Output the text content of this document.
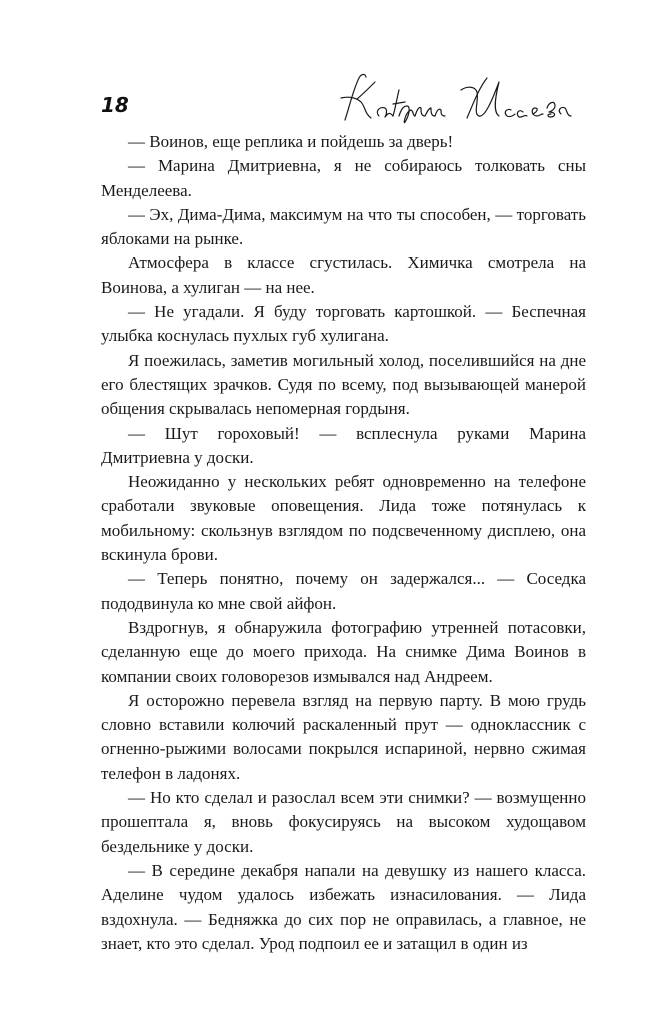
18

— Воинов, еще реплика и пойдешь за дверь!

— Марина Дмитриевна, я не собираюсь толковать сны Менделеева.

— Эх, Дима-Дима, максимум на что ты способен, — торговать яблоками на рынке.

Атмосфера в классе сгустилась. Химичка смотрела на Воинова, а хулиган — на нее.

— Не угадали. Я буду торговать картошкой. — Беспечная улыбка коснулась пухлых губ хулигана.

Я поежилась, заметив могильный холод, поселившийся на дне его блестящих зрачков. Судя по всему, под вызывающей манерой общения скрывалась непомерная гордыня.

— Шут гороховый! — всплеснула руками Марина Дмитриевна у доски.

Неожиданно у нескольких ребят одновременно на телефоне сработали звуковые оповещения. Лида тоже потянулась к мобильному: скользнув взглядом по подсвеченному дисплею, она вскинула брови.

— Теперь понятно, почему он задержался... — Соседка пододвинула ко мне свой айфон.

Вздрогнув, я обнаружила фотографию утренней потасовки, сделанную еще до моего прихода. На снимке Дима Воинов в компании своих головорезов измывался над Андреем.

Я осторожно перевела взгляд на первую парту. В мою грудь словно вставили колючий раскаленный прут — одноклассник с огненно-рыжими волосами покрылся испариной, нервно сжимая телефон в ладонях.

— Но кто сделал и разослал всем эти снимки? — возмущенно прошептала я, вновь фокусируясь на высоком худощавом бездельнике у доски.

— В середине декабря напали на девушку из нашего класса. Аделине чудом удалось избежать изнасилования. — Лида вздохнула. — Бедняжка до сих пор не оправилась, а главное, не знает, кто это сделал. Урод подпоил ее и затащил в один из
